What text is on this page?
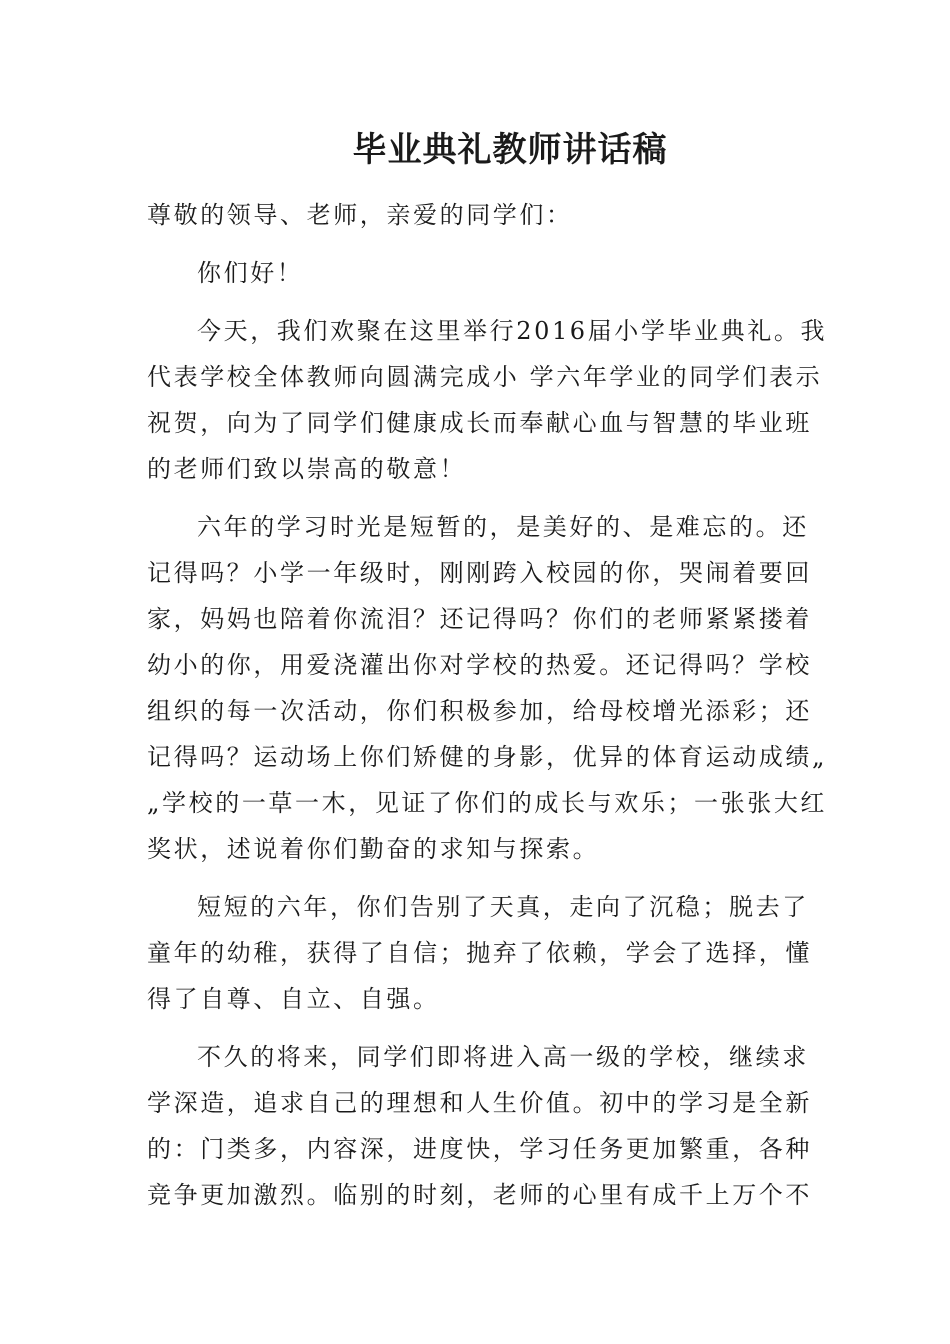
毕业典礼教师讲话稿

尊敬的领导、老师，亲爱的同学们：

你们好！

今天，我们欢聚在这里举行2016届小学毕业典礼。我

代表学校全体教师向圆满完成小 学六年学业的同学们表示

祝贺，向为了同学们健康成长而奉献心血与智慧的毕业班

的老师们致以崇高的敬意！

六年的学习时光是短暂的，是美好的、是难忘的。还

记得吗？小学一年级时，刚刚跨入校园的你，哭闹着要回

家，妈妈也陪着你流泪？还记得吗？你们的老师紧紧搂着

幼小的你，用爱浇灌出你对学校的热爱。还记得吗？学校

组织的每一次活动，你们积极参加，给母校增光添彩；还

记得吗？运动场上你们矫健的身影，优异的体育运动成绩„

„学校的一草一木，见证了你们的成长与欢乐；一张张大红

奖状，述说着你们勤奋的求知与探索。

短短的六年，你们告别了天真，走向了沉稳；脱去了

童年的幼稚，获得了自信；抛弃了依赖，学会了选择，懂

得了自尊、自立、自强。

不久的将来，同学们即将进入高一级的学校，继续求

学深造，追求自己的理想和人生价值。初中的学习是全新

的：门类多，内容深，进度快，学习任务更加繁重，各种

竞争更加激烈。临别的时刻，老师的心里有成千上万个不
